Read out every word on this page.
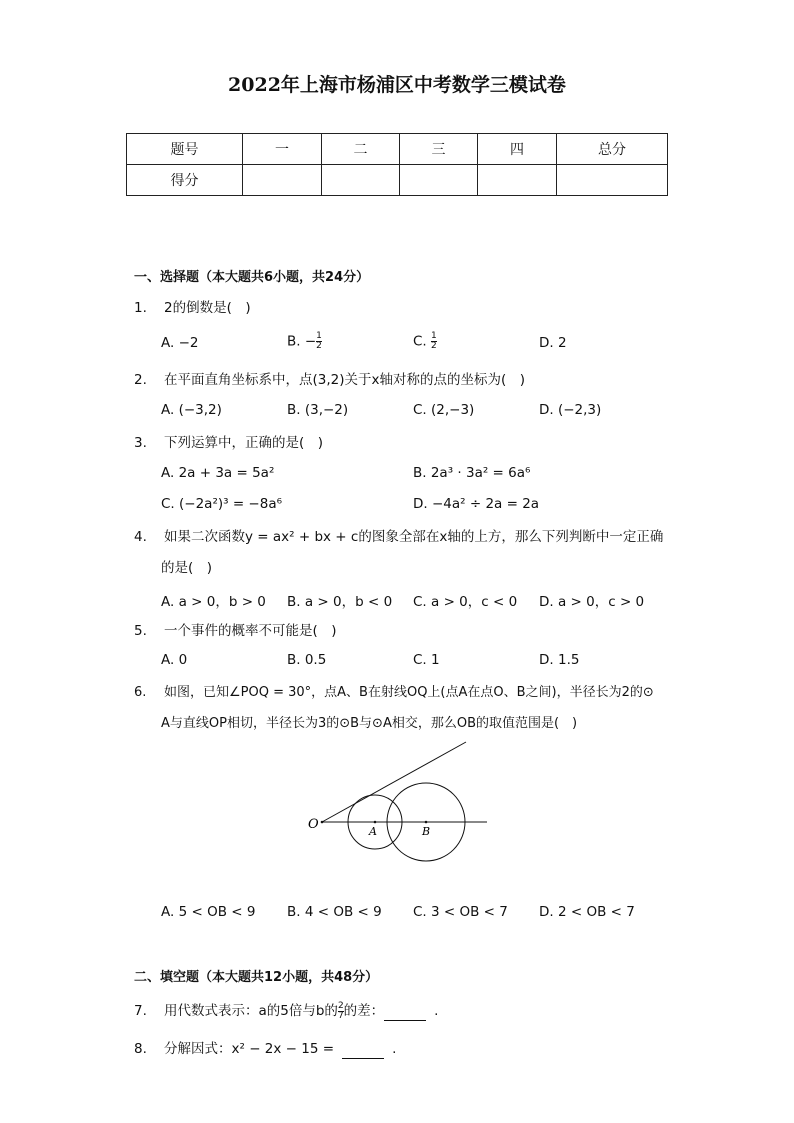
2022年上海市杨浦区中考数学三模试卷
题号	一	二	三	四	总分
得分					
一、选择题（本大题共6小题，共24分）
1. 2的倒数是(　)
A. −2	B. − $\frac{1}{2}$	C. $\frac{1}{2}$	D. 2
2. 在平面直角坐标系中，点(3,2)关于x轴对称的点的坐标为(　)
A. (−3,2)	B. (3,−2)	C. (2,−3)	D. (−2,3)
3. 下列运算中，正确的是(　)
A. 2a + 3a = 5a²	B. 2a³ · 3a² = 6a⁶
C. (−2a²)³ = −8a⁶	D. −4a² ÷ 2a = 2a
4. 如果二次函数y = ax² + bx + c的图象全部在x轴的上方，那么下列判断中一定正确
的是(　)
A. a > 0，b > 0 B. a > 0，b < 0 C. a > 0，c < 0 D. a > 0，c > 0
5. 一个事件的概率不可能是(　)
A. 0	B. 0.5	C. 1	D. 1.5
6. 如图，已知∠POQ = 30°，点A、B在射线OQ上(点A在点O、B之间)，半径长为2的⊙
A与直线OP相切，半径长为3的⊙B与⊙A相交，那么OB的取值范围是(　)
O	A	B
A. 5 < OB < 9 B. 4 < OB < 9 C. 3 < OB < 7 D. 2 < OB < 7
二、填空题（本大题共12小题，共48分）
7. 用代数式表示：a的5倍与b的 $\frac{2}{7}$ 的差：	.
8. 分解因式：x² − 2x − 15 =	.
